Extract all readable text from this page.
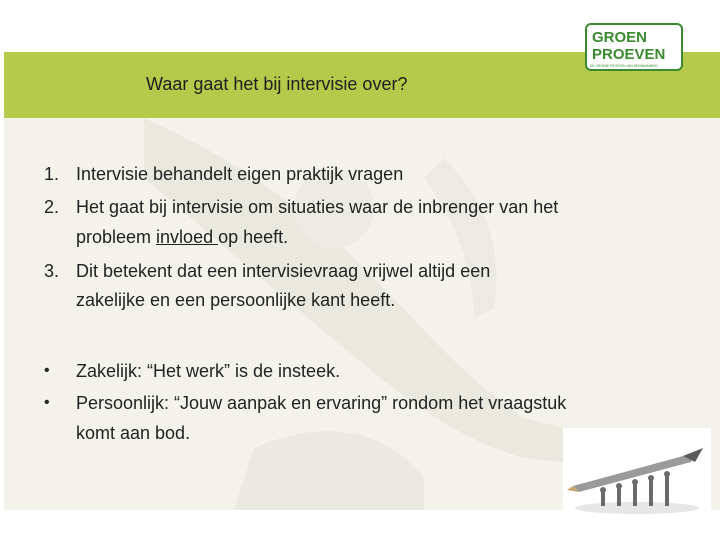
Waar gaat het bij intervisie over?
1. Intervisie behandelt eigen praktijk vragen
2. Het gaat bij intervisie om situaties waar de inbrenger van het
probleem invloed op heeft.
3. Dit betekent dat een intervisievraag vrijwel altijd een
zakelijke en een persoonlijke kant heeft.
• Zakelijk: “Het werk” is de insteek.
• Persoonlijk: “Jouw aanpak en ervaring” rondom het vraagstuk
komt aan bod.
GROEN
PROEVEN
DE GROENE PROEVEN VAN BEKWAAMHEID
